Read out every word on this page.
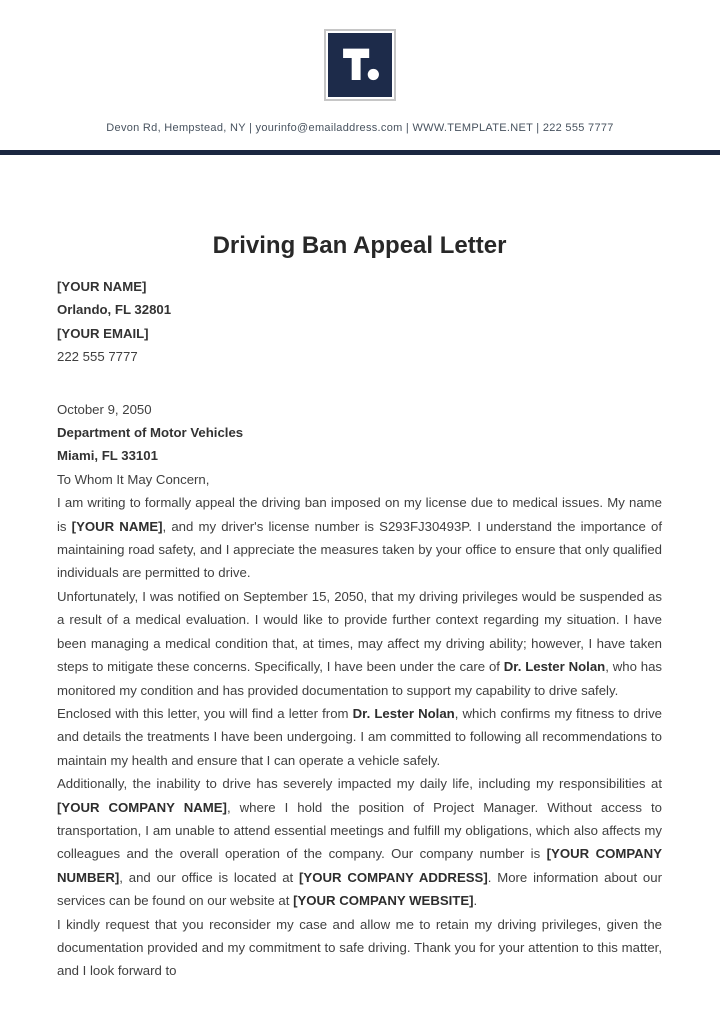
Devon Rd, Hempstead, NY | yourinfo@emailaddress.com | WWW.TEMPLATE.NET | 222 555 7777
Driving Ban Appeal Letter
[YOUR NAME]
Orlando, FL 32801
[YOUR EMAIL]
222 555 7777
October 9, 2050
Department of Motor Vehicles
Miami, FL 33101
To Whom It May Concern,

I am writing to formally appeal the driving ban imposed on my license due to medical issues. My name is [YOUR NAME], and my driver's license number is S293FJ30493P. I understand the importance of maintaining road safety, and I appreciate the measures taken by your office to ensure that only qualified individuals are permitted to drive.

Unfortunately, I was notified on September 15, 2050, that my driving privileges would be suspended as a result of a medical evaluation. I would like to provide further context regarding my situation. I have been managing a medical condition that, at times, may affect my driving ability; however, I have taken steps to mitigate these concerns. Specifically, I have been under the care of Dr. Lester Nolan, who has monitored my condition and has provided documentation to support my capability to drive safely.

Enclosed with this letter, you will find a letter from Dr. Lester Nolan, which confirms my fitness to drive and details the treatments I have been undergoing. I am committed to following all recommendations to maintain my health and ensure that I can operate a vehicle safely.

Additionally, the inability to drive has severely impacted my daily life, including my responsibilities at [YOUR COMPANY NAME], where I hold the position of Project Manager. Without access to transportation, I am unable to attend essential meetings and fulfill my obligations, which also affects my colleagues and the overall operation of the company. Our company number is [YOUR COMPANY NUMBER], and our office is located at [YOUR COMPANY ADDRESS]. More information about our services can be found on our website at [YOUR COMPANY WEBSITE].

I kindly request that you reconsider my case and allow me to retain my driving privileges, given the documentation provided and my commitment to safe driving. Thank you for your attention to this matter, and I look forward to
